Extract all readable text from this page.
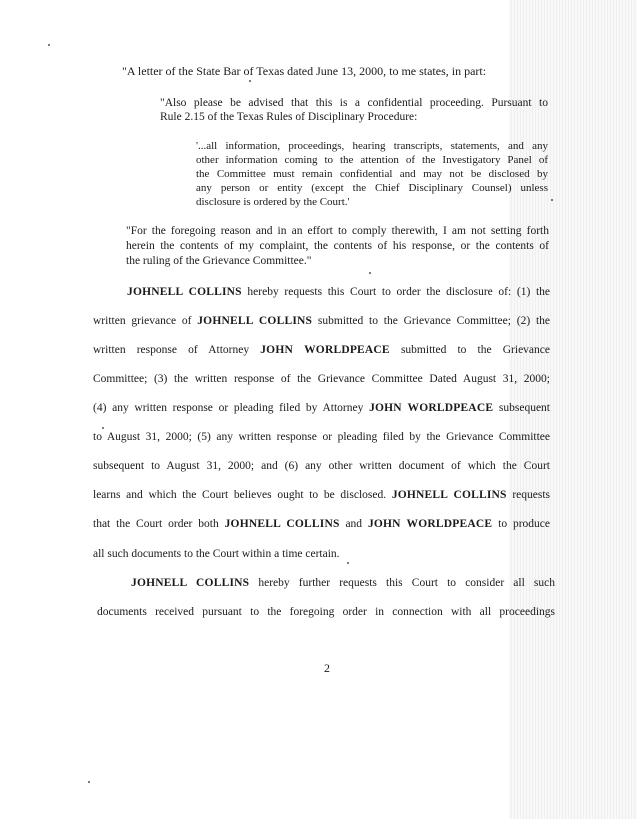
"A letter of the State Bar of Texas dated June 13, 2000, to me states, in part:
"Also please be advised that this is a confidential proceeding. Pursuant to
Rule 2.15 of the Texas Rules of Disciplinary Procedure:
'...all information, proceedings, hearing transcripts, statements, and any
other information coming to the attention of the Investigatory Panel of
the Committee must remain confidential and may not be disclosed by
any person or entity (except the Chief Disciplinary Counsel) unless
disclosure is ordered by the Court.'
"For the foregoing reason and in an effort to comply therewith, I am not setting forth
herein the contents of my complaint, the contents of his response, or the contents of
the ruling of the Grievance Committee."
JOHNELL COLLINS hereby requests this Court to order the disclosure of: (1) the
written grievance of JOHNELL COLLINS submitted to the Grievance Committee; (2) the
written response of Attorney JOHN WORLDPEACE submitted to the Grievance
Committee; (3) the written response of the Grievance Committee Dated August 31, 2000;
(4) any written response or pleading filed by Attorney JOHN WORLDPEACE subsequent
to August 31, 2000; (5) any written response or pleading filed by the Grievance Committee
subsequent to August 31, 2000; and (6) any other written document of which the Court
learns and which the Court believes ought to be disclosed. JOHNELL COLLINS requests
that the Court order both JOHNELL COLLINS and JOHN WORLDPEACE to produce
all such documents to the Court within a time certain.
JOHNELL COLLINS hereby further requests this Court to consider all such
documents received pursuant to the foregoing order in connection with all proceedings
2
